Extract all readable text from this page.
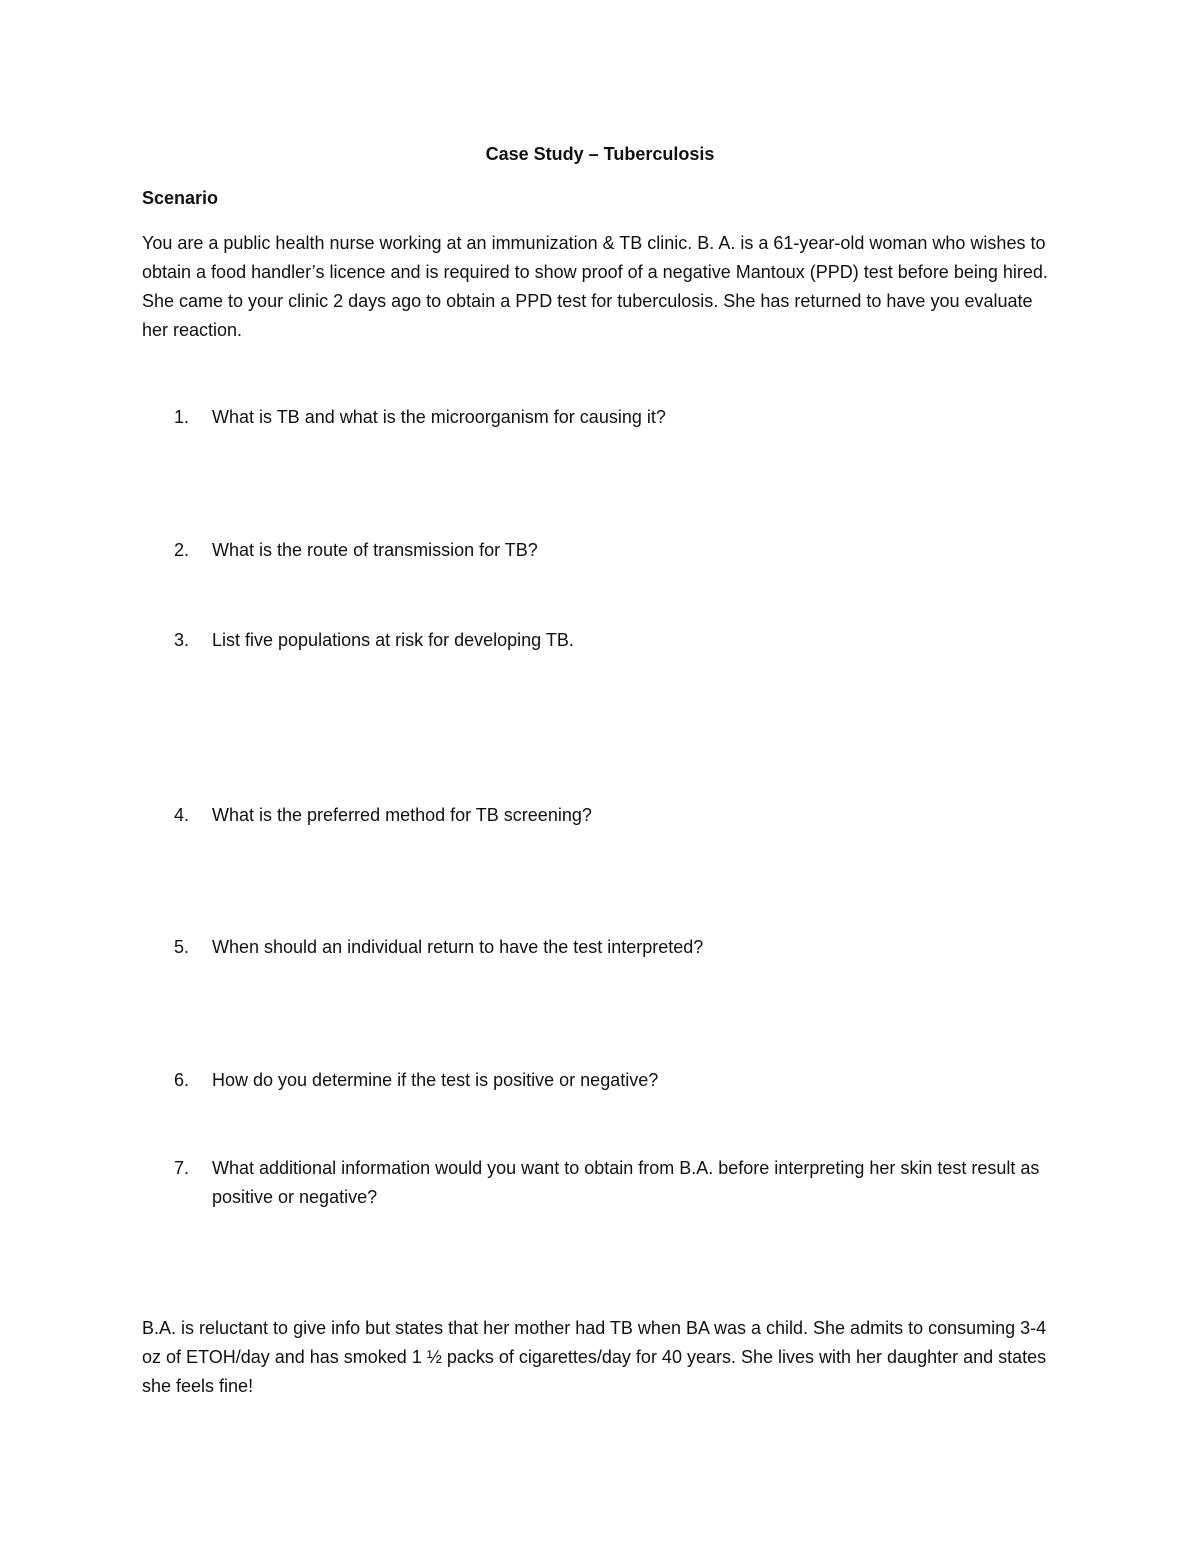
Case Study – Tuberculosis
Scenario
You are a public health nurse working at an immunization & TB clinic. B. A. is a 61-year-old woman who wishes to obtain a food handler’s licence and is required to show proof of a negative Mantoux (PPD) test before being hired. She came to your clinic 2 days ago to obtain a PPD test for tuberculosis. She has returned to have you evaluate her reaction.
1. What is TB and what is the microorganism for causing it?
2. What is the route of transmission for TB?
3. List five populations at risk for developing TB.
4. What is the preferred method for TB screening?
5. When should an individual return to have the test interpreted?
6. How do you determine if the test is positive or negative?
7. What additional information would you want to obtain from B.A. before interpreting her skin test result as positive or negative?
B.A. is reluctant to give info but states that her mother had TB when BA was a child. She admits to consuming 3-4 oz of ETOH/day and has smoked 1 ½ packs of cigarettes/day for 40 years. She lives with her daughter and states she feels fine!
